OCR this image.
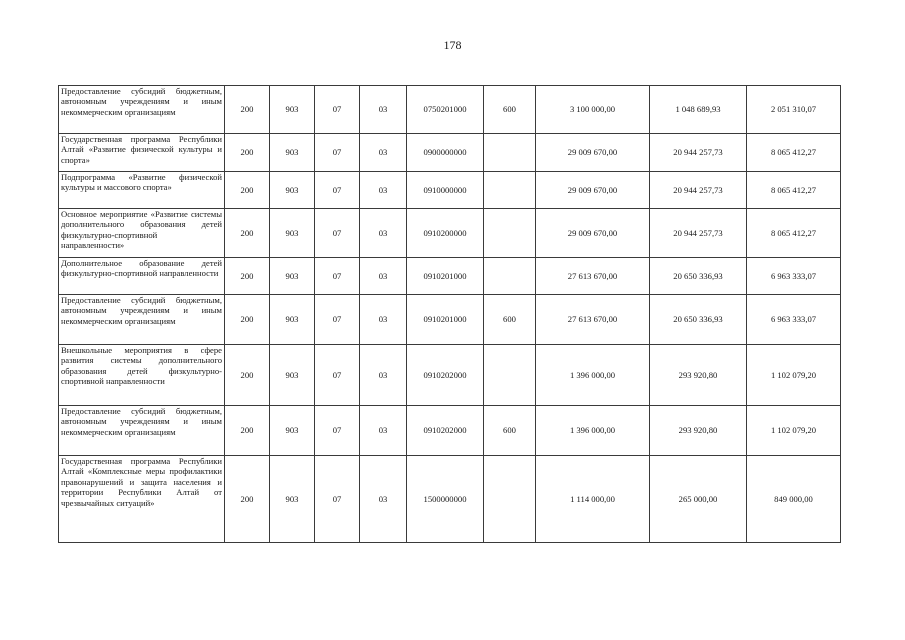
178
Предоставление субсидий бюджетным, автономным учреждениям и иным некоммерческим организациям	200	903	07	03	0750201000	600	3 100 000,00	1 048 689,93	2 051 310,07
Государственная программа Республики Алтай «Развитие физической культуры и спорта»	200	903	07	03	0900000000		29 009 670,00	20 944 257,73	8 065 412,27
Подпрограмма «Развитие физической культуры и массового спорта»	200	903	07	03	0910000000		29 009 670,00	20 944 257,73	8 065 412,27
Основное мероприятие «Развитие системы дополнительного образования детей физкультурно-спортивной направленности»	200	903	07	03	0910200000		29 009 670,00	20 944 257,73	8 065 412,27
Дополнительное образование детей физкультурно-спортивной направленности	200	903	07	03	0910201000		27 613 670,00	20 650 336,93	6 963 333,07
Предоставление субсидий бюджетным, автономным учреждениям и иным некоммерческим организациям	200	903	07	03	0910201000	600	27 613 670,00	20 650 336,93	6 963 333,07
Внешкольные мероприятия в сфере развития системы дополнительного образования детей физкультурно-спортивной направленности	200	903	07	03	0910202000		1 396 000,00	293 920,80	1 102 079,20
Предоставление субсидий бюджетным, автономным учреждениям и иным некоммерческим организациям	200	903	07	03	0910202000	600	1 396 000,00	293 920,80	1 102 079,20
Государственная программа Республики Алтай «Комплексные меры профилактики правонарушений и защита населения и территории Республики Алтай от чрезвычайных ситуаций»	200	903	07	03	1500000000		1 114 000,00	265 000,00	849 000,00
